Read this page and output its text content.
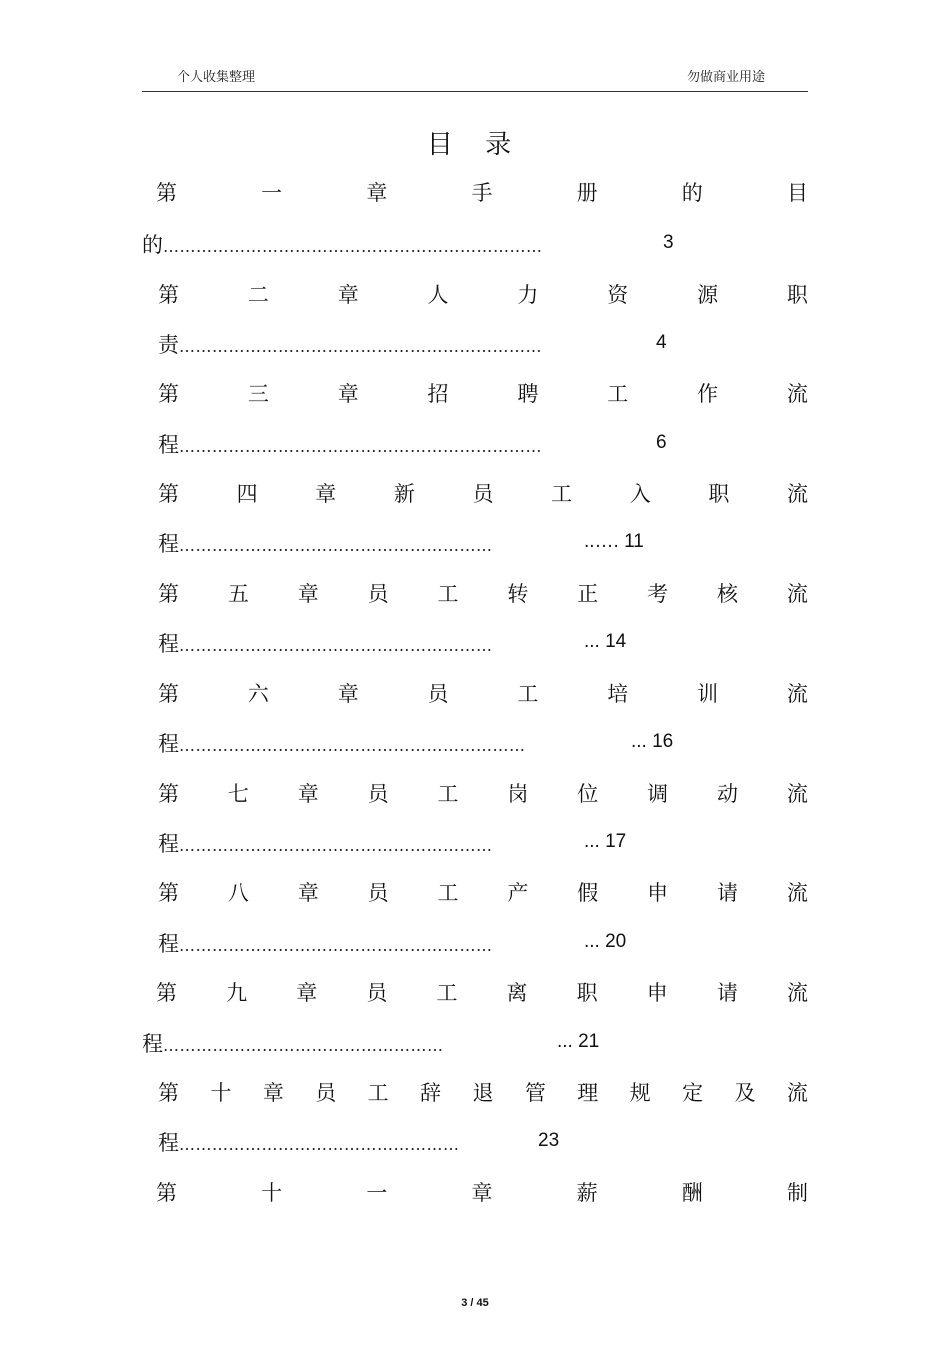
个人收集整理	勿做商业用途
目 录
第	一	章	手	册	的	目
的 ……………………………………………………………	3
第	二	章	人	力	资	源	职
责 …………………………………………………………	4
第	三	章	招	聘	工	作	流
程 …………………………………………………………	6
第	四	章	新	员	工	入	职	流
程 …………………………………………………	..…. 11
第 五 章 员 工 转 正 考 核 流
程 …………………………………………………	... 14
第	六	章	员	工	培	训	流
程 ………………………………………………………	... 16
第 七 章 员 工 岗 位 调 动 流
程 …………………………………………………	... 17
第 八 章 员 工 产 假 申 请 流
程 …………………………………………………	... 20
第 九 章 员 工 离 职 申 请 流
程 ……………………………………………	... 21
第 十 章 员 工 辞 退 管 理 规 定 及 流
程 ……………………………………………	23
第	十	一	章	薪	酬	制
3 / 45
